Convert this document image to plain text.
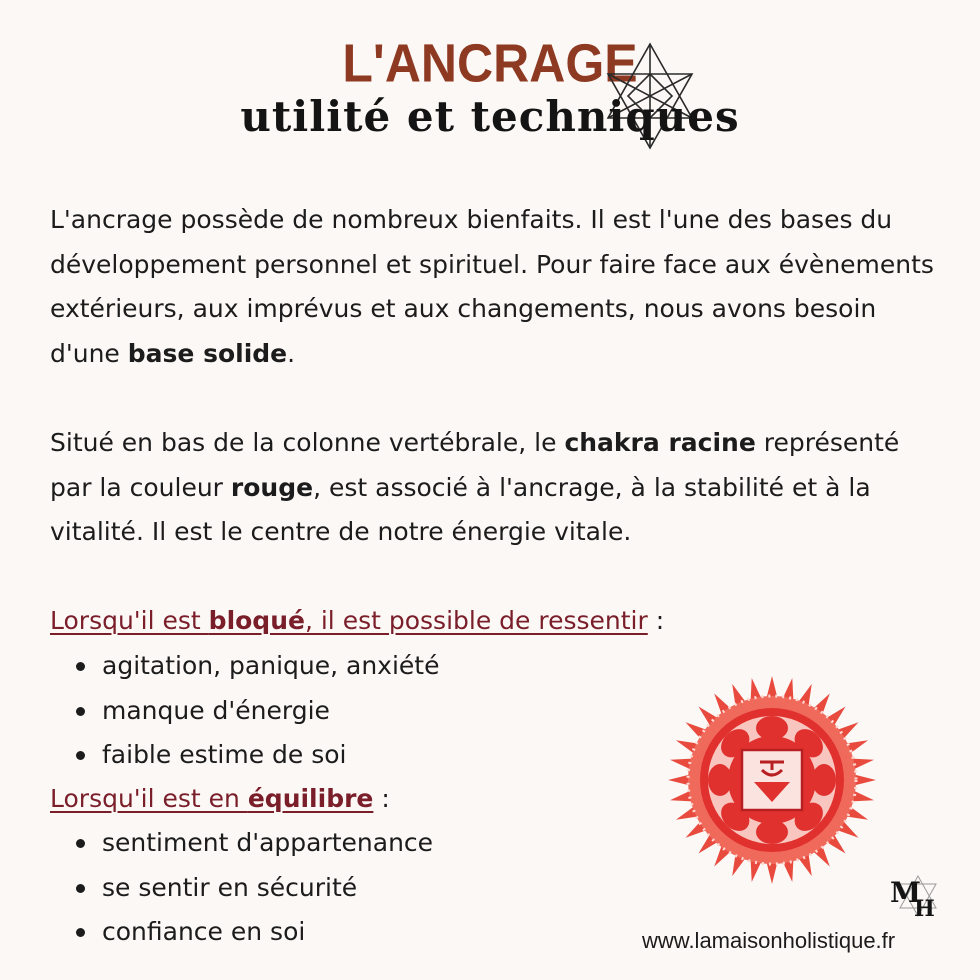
L'ANCRAGE
utilité et techniques

L'ancrage possède de nombreux bienfaits. Il est l'une des bases du développement personnel et spirituel. Pour faire face aux évènements extérieurs, aux imprévus et aux changements, nous avons besoin d'une base solide.

Situé en bas de la colonne vertébrale, le chakra racine représenté par la couleur rouge, est associé à l'ancrage, à la stabilité et à la vitalité. Il est le centre de notre énergie vitale.

Lorsqu'il est bloqué, il est possible de ressentir :
agitation, panique, anxiété
manque d'énergie
faible estime de soi
Lorsqu'il est en équilibre :
sentiment d'appartenance
se sentir en sécurité
confiance en soi
M
H
www.lamaisonholistique.fr
